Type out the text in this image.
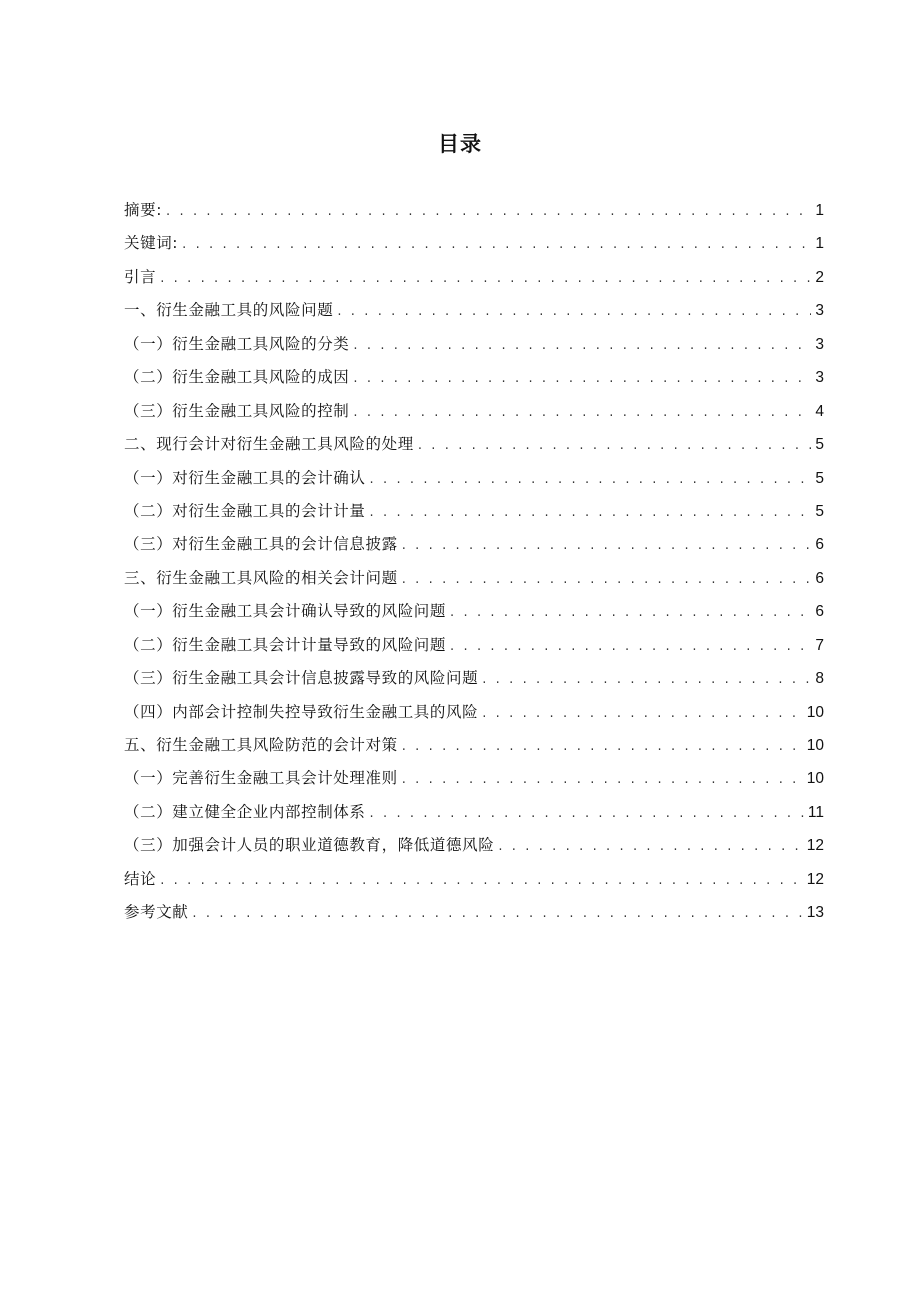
目录
摘要: . . .	1
关键词: . . .	1
引言 . . .	2
一、衍生金融工具的风险问题 . . .	3
（一）衍生金融工具风险的分类 . . .	3
（二）衍生金融工具风险的成因 . . .	3
（三）衍生金融工具风险的控制 . . .	4
二、现行会计对衍生金融工具风险的处理 . . .	5
（一）对衍生金融工具的会计确认 . . .	5
（二）对衍生金融工具的会计计量 . . .	5
（三）对衍生金融工具的会计信息披露 . . .	6
三、衍生金融工具风险的相关会计问题 . . .	6
（一）衍生金融工具会计确认导致的风险问题 . . .	6
（二）衍生金融工具会计计量导致的风险问题 . . .	7
（三）衍生金融工具会计信息披露导致的风险问题 . . .	8
（四）内部会计控制失控导致衍生金融工具的风险 . . .	10
五、衍生金融工具风险防范的会计对策 . . .	10
（一）完善衍生金融工具会计处理准则 . . .	10
（二）建立健全企业内部控制体系 . . .	11
（三）加强会计人员的职业道德教育，降低道德风险 . . .	12
结论 . . .	12
参考文献 . . .	13
